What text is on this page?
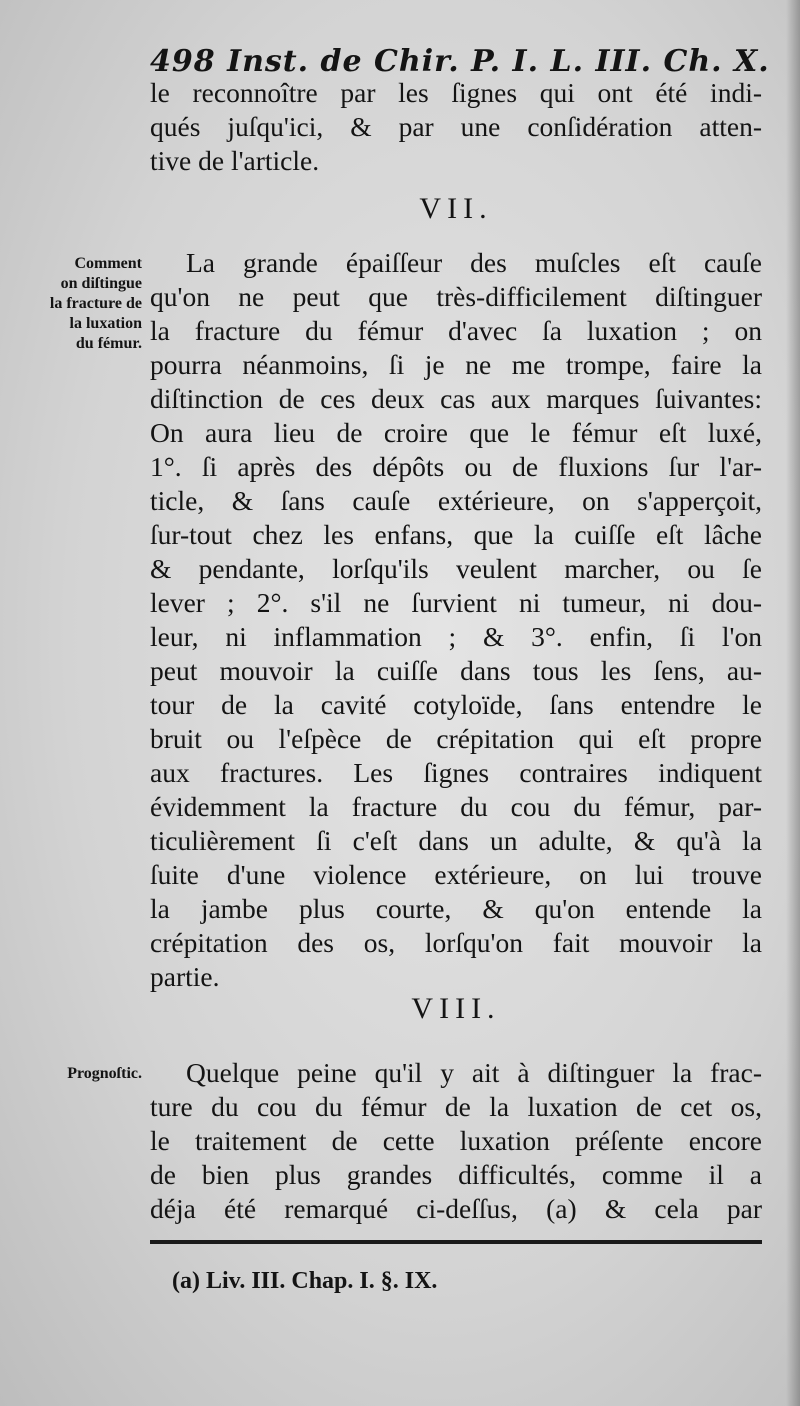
498 Inst. de Chir. P. I. L. III. Ch. X.
le reconnoître par les ſignes qui ont été indi-
qués juſqu'ici, & par une conſidération atten-
tive de l'article.
VII.
Comment
on diſtingue
la fracture de
la luxation
du fémur.
La grande épaiſſeur des muſcles eſt cauſe
qu'on ne peut que très-difficilement diſtinguer
la fracture du fémur d'avec ſa luxation ; on
pourra néanmoins, ſi je ne me trompe, faire la
diſtinction de ces deux cas aux marques ſuivantes:
On aura lieu de croire que le fémur eſt luxé,
1°. ſi après des dépôts ou de fluxions ſur l'ar-
ticle, & ſans cauſe extérieure, on s'apperçoit,
ſur-tout chez les enfans, que la cuiſſe eſt lâche
& pendante, lorſqu'ils veulent marcher, ou ſe
lever ; 2°. s'il ne ſurvient ni tumeur, ni dou-
leur, ni inflammation ; & 3°. enfin, ſi l'on
peut mouvoir la cuiſſe dans tous les ſens, au-
tour de la cavité cotyloïde, ſans entendre le
bruit ou l'eſpèce de crépitation qui eſt propre
aux fractures. Les ſignes contraires indiquent
évidemment la fracture du cou du fémur, par-
ticulièrement ſi c'eſt dans un adulte, & qu'à la
ſuite d'une violence extérieure, on lui trouve
la jambe plus courte, & qu'on entende la
crépitation des os, lorſqu'on fait mouvoir la
partie.
VIII.
Prognoſtic.	Quelque peine qu'il y ait à diſtinguer la frac-
ture du cou du fémur de la luxation de cet os,
le traitement de cette luxation préſente encore
de bien plus grandes difficultés, comme il a
déja été remarqué ci-deſſus, (a) & cela par
(a) Liv. III. Chap. I. §. IX.
